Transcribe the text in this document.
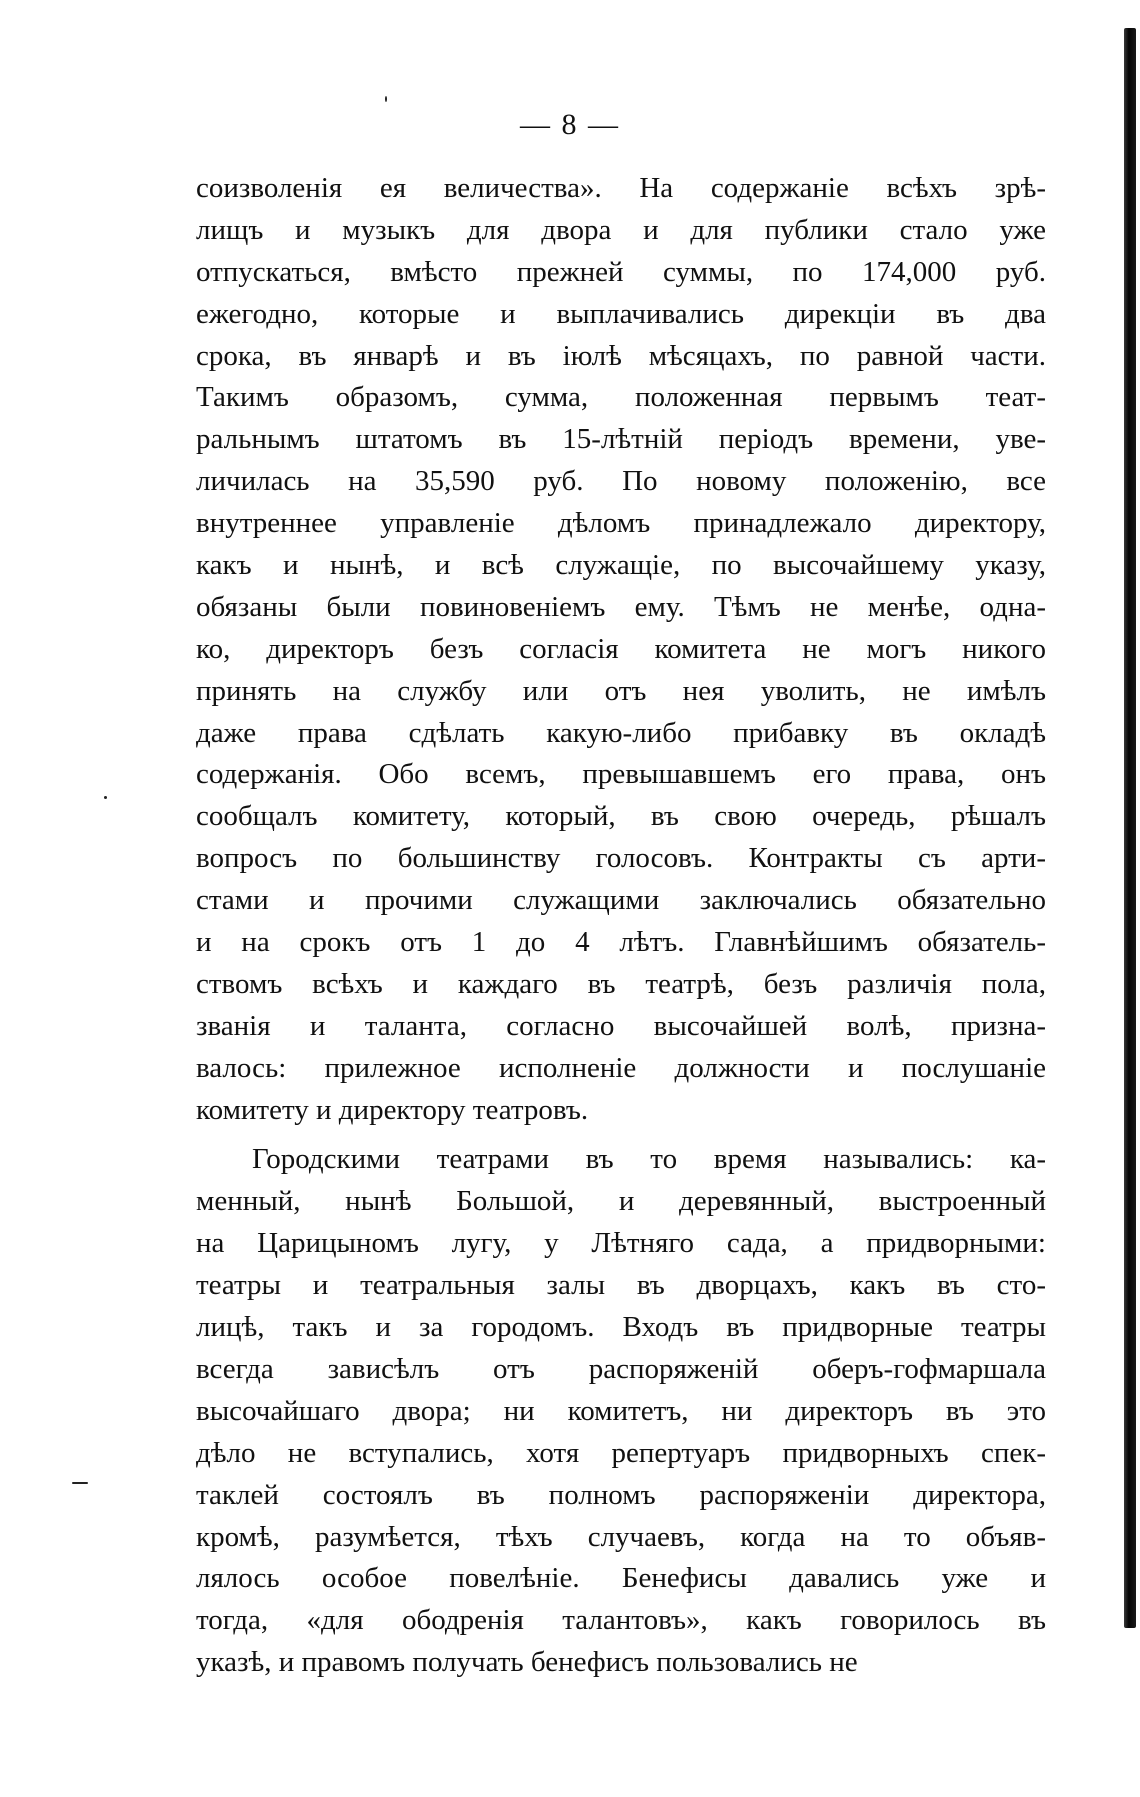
— 8 —
соизволенія ея величества». На содержаніе всѣхъ зрѣ-
лищъ и музыкъ для двора и для публики стало уже
отпускаться, вмѣсто прежней суммы, по 174,000 руб.
ежегодно, которые и выплачивались дирекціи въ два
срока, въ январѣ и въ іюлѣ мѣсяцахъ, по равной части.
Такимъ образомъ, сумма, положенная первымъ теат-
ральнымъ штатомъ въ 15-лѣтній періодъ времени, уве-
личилась на 35,590 руб. По новому положенію, все
внутреннее управленіе дѣломъ принадлежало директору,
какъ и нынѣ, и всѣ служащіе, по высочайшему указу,
обязаны были повиновеніемъ ему. Тѣмъ не менѣе, однa-
ко, директоръ безъ согласія комитета не могъ никого
принять на службу или отъ нея уволить, не имѣлъ
даже права сдѣлать какую-либо прибавку въ окладѣ
содержанія. Обо всемъ, превышавшемъ его права, онъ
сообщалъ комитету, который, въ свою очередь, рѣшалъ
вопросъ по большинству голосовъ. Контракты съ арти-
стами и прочими служащими заключались обязательно
и на срокъ отъ 1 до 4 лѣтъ. Главнѣйшимъ обязатель-
ствомъ всѣхъ и каждаго въ театрѣ, безъ различія пола,
званія и таланта, согласно высочайшей волѣ, призна-
валось: прилежное исполненіе должности и послушаніе
комитету и директору театровъ.
Городскими театрами въ то время назывались: ка-
менный, нынѣ Большой, и деревянный, выстроенный
на Царицыномъ лугу, у Лѣтняго сада, а придворными:
театры и театральныя залы въ дворцахъ, какъ въ сто-
лицѣ, такъ и за городомъ. Входъ въ придворные театры
всегда зависѣлъ отъ распоряженій оберъ-гофмаршала
высочайшаго двора; ни комитетъ, ни директоръ въ это
дѣло не вступались, хотя репертуаръ придворныхъ спек-
таклей состоялъ въ полномъ распоряженіи директора,
кромѣ, разумѣется, тѣхъ случаевъ, когда на то объяв-
лялось особое повелѣніе. Бенефисы давались уже и
тогда, «для ободренія талантовъ», какъ говорилось въ
указѣ, и правомъ получать бенефисъ пользовались не
